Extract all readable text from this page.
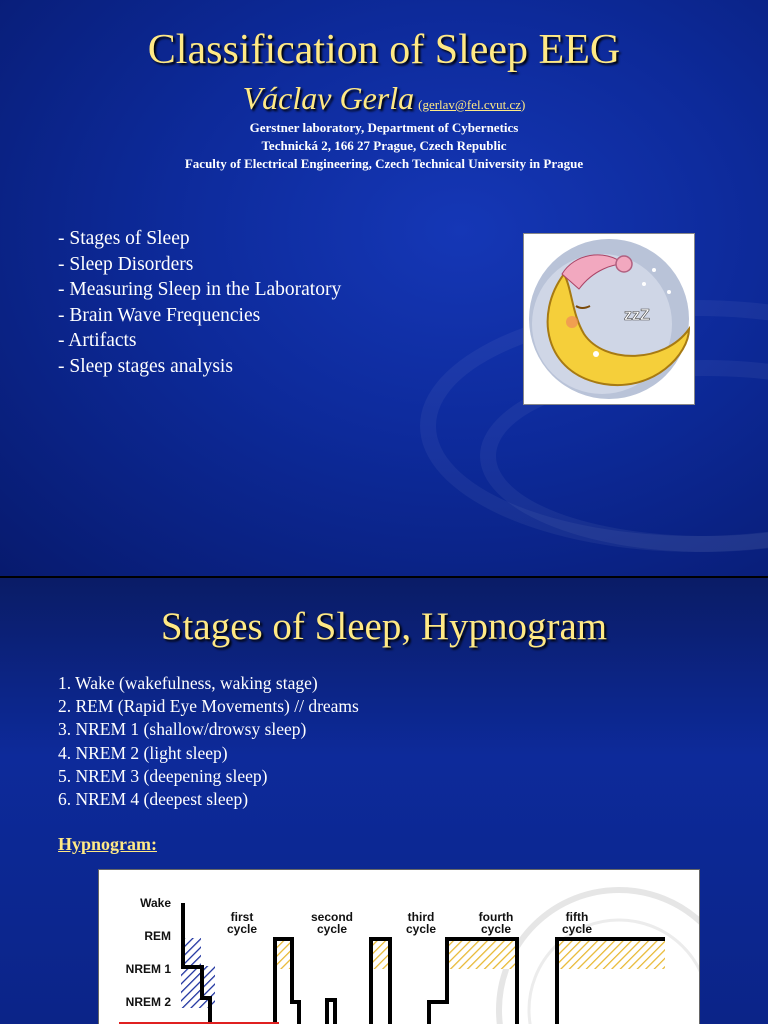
Classification of Sleep EEG
Václav Gerla (gerlav@fel.cvut.cz)
Gerstner laboratory, Department of Cybernetics
Technická 2, 166 27 Prague, Czech Republic
Faculty of Electrical Engineering, Czech Technical University in Prague
- Stages of Sleep
- Sleep Disorders
- Measuring Sleep in the Laboratory
- Brain Wave Frequencies
- Artifacts
- Sleep stages analysis
zzZ
Stages of Sleep, Hypnogram
1. Wake (wakefulness, waking stage)
2. REM (Rapid Eye Movements) // dreams
3. NREM 1 (shallow/drowsy sleep)
4. NREM 2 (light sleep)
5. NREM 3 (deepening sleep)
6. NREM 4 (deepest sleep)
Hypnogram:
Wake
REM
NREM 1
NREM 2
first
cycle
second
cycle
third
cycle
fourth
cycle
fifth
cycle
